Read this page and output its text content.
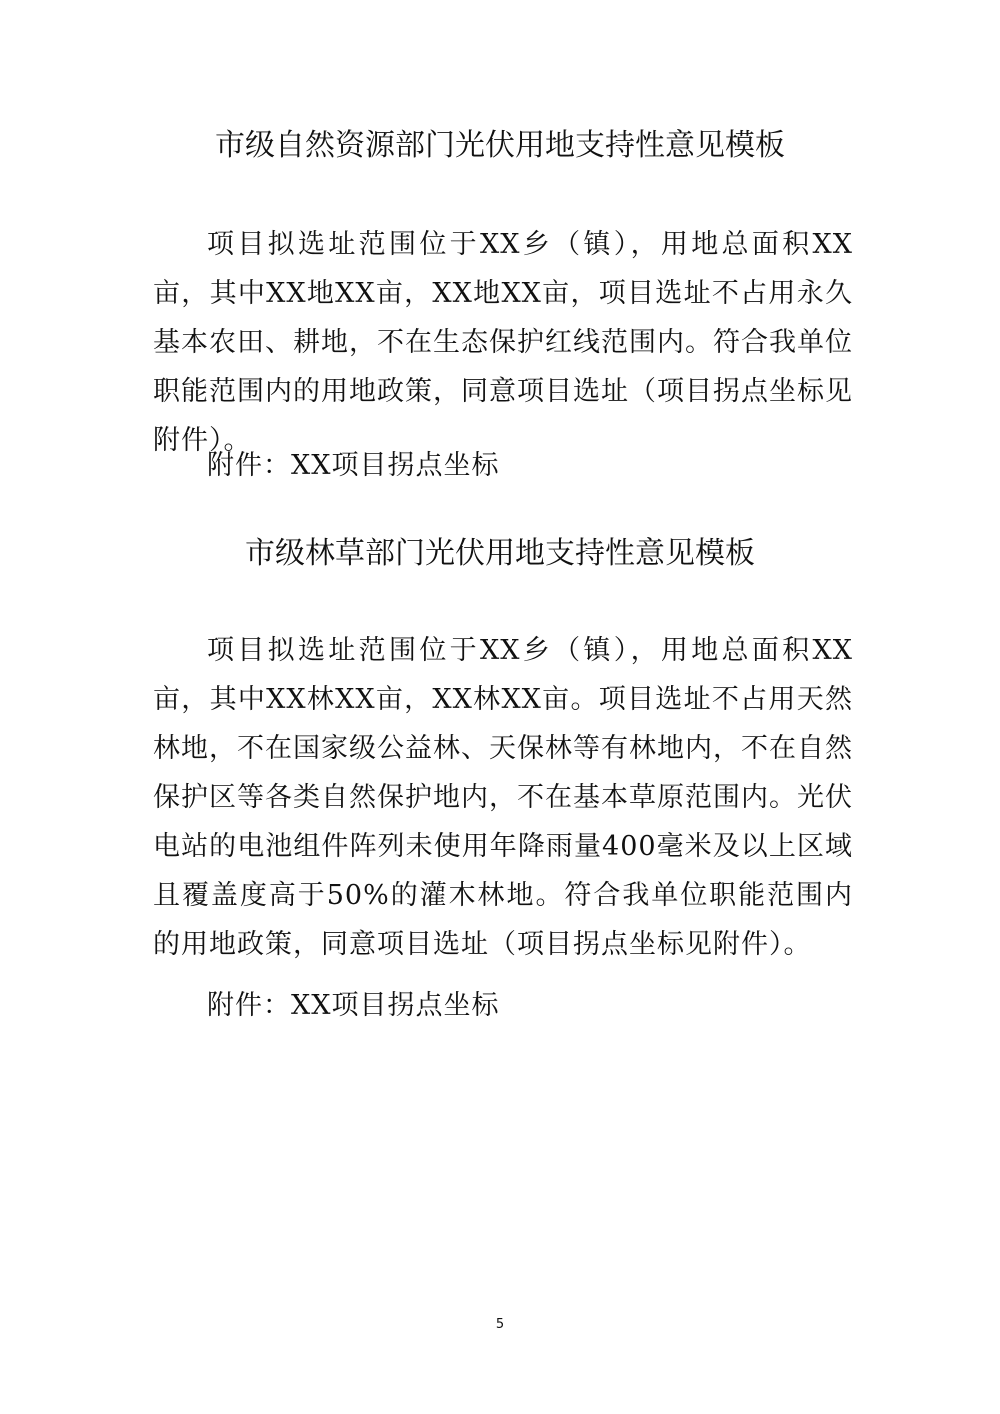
市级自然资源部门光伏用地支持性意见模板

项目拟选址范围位于XX乡（镇），用地总面积XX亩，其中XX地XX亩，XX地XX亩，项目选址不占用永久基本农田、耕地，不在生态保护红线范围内。符合我单位职能范围内的用地政策，同意项目选址（项目拐点坐标见附件）。

附件：XX项目拐点坐标

市级林草部门光伏用地支持性意见模板

项目拟选址范围位于XX乡（镇），用地总面积XX亩，其中XX林XX亩，XX林XX亩。项目选址不占用天然林地，不在国家级公益林、天保林等有林地内，不在自然保护区等各类自然保护地内，不在基本草原范围内。光伏电站的电池组件阵列未使用年降雨量400毫米及以上区域且覆盖度高于50%的灌木林地。符合我单位职能范围内的用地政策，同意项目选址（项目拐点坐标见附件）。

附件：XX项目拐点坐标

5
